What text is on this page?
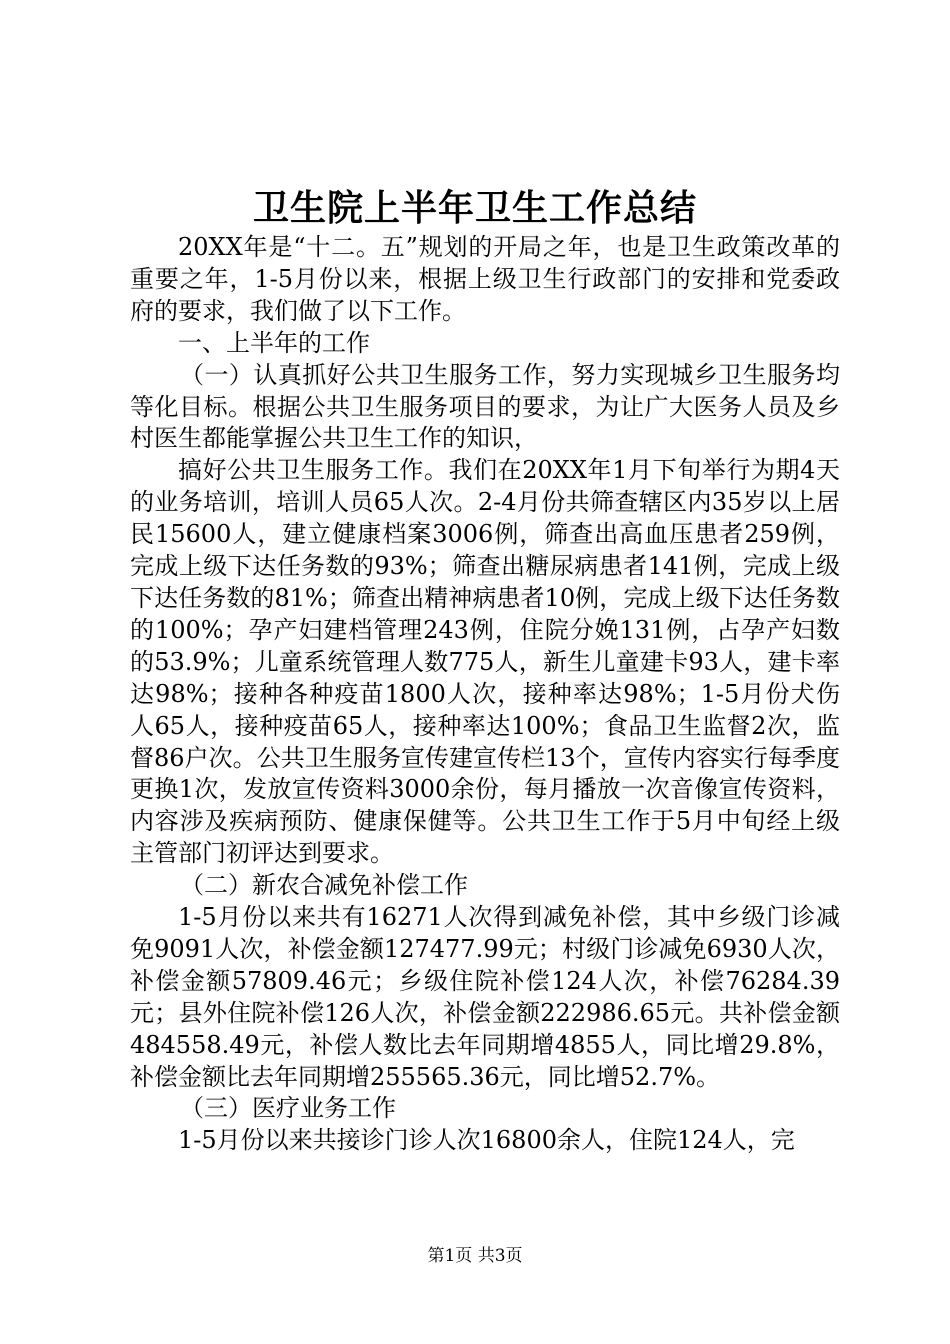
卫生院上半年卫生工作总结

20XX年是“十二。五”规划的开局之年，也是卫生政策改革的重要之年，1-5月份以来，根据上级卫生行政部门的安排和党委政府的要求，我们做了以下工作。

一、上半年的工作

（一）认真抓好公共卫生服务工作，努力实现城乡卫生服务均等化目标。根据公共卫生服务项目的要求，为让广大医务人员及乡村医生都能掌握公共卫生工作的知识，

搞好公共卫生服务工作。我们在20XX年1月下旬举行为期4天的业务培训，培训人员65人次。2-4月份共筛查辖区内35岁以上居民15600人，建立健康档案3006例，筛查出高血压患者259例，完成上级下达任务数的93%；筛查出糖尿病患者141例，完成上级下达任务数的81%；筛查出精神病患者10例，完成上级下达任务数的100%；孕产妇建档管理243例，住院分娩131例，占孕产妇数的53.9%；儿童系统管理人数775人，新生儿童建卡93人，建卡率达98%；接种各种疫苗1800人次，接种率达98%；1-5月份犬伤人65人，接种疫苗65人，接种率达100%；食品卫生监督2次，监督86户次。公共卫生服务宣传建宣传栏13个，宣传内容实行每季度更换1次，发放宣传资料3000余份，每月播放一次音像宣传资料，内容涉及疾病预防、健康保健等。公共卫生工作于5月中旬经上级主管部门初评达到要求。

（二）新农合减免补偿工作

1-5月份以来共有16271人次得到减免补偿，其中乡级门诊减免9091人次，补偿金额127477.99元；村级门诊减免6930人次，补偿金额57809.46元；乡级住院补偿124人次，补偿76284.39元；县外住院补偿126人次，补偿金额222986.65元。共补偿金额484558.49元，补偿人数比去年同期增4855人，同比增29.8%，补偿金额比去年同期增255565.36元，同比增52.7%。

（三）医疗业务工作

1-5月份以来共接诊门诊人次16800余人，住院124人，完

第1页 共3页
